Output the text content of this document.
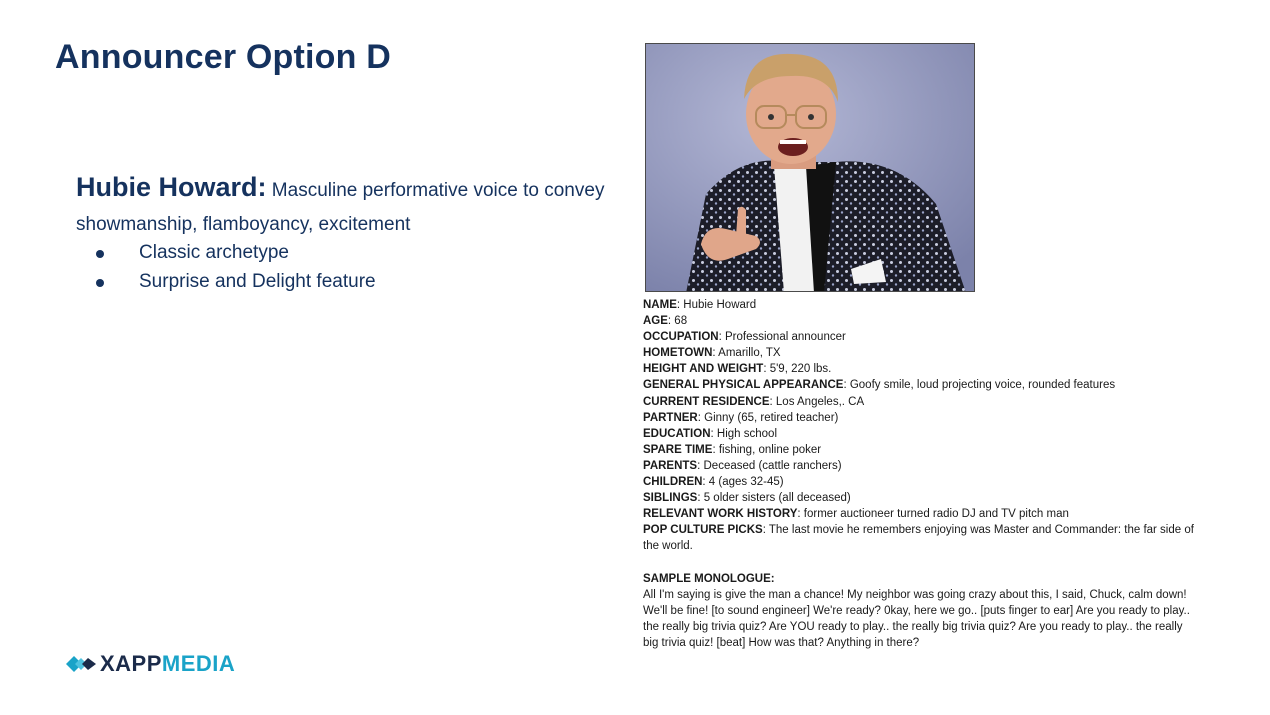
Announcer Option D
Hubie Howard: Masculine performative voice to convey showmanship, flamboyancy, excitement
Classic archetype
Surprise and Delight feature
NAME: Hubie Howard
AGE: 68
OCCUPATION: Professional announcer
HOMETOWN: Amarillo, TX
HEIGHT AND WEIGHT: 5'9, 220 lbs.
GENERAL PHYSICAL APPEARANCE: Goofy smile, loud projecting voice, rounded features
CURRENT RESIDENCE: Los Angeles,. CA
PARTNER: Ginny (65, retired teacher)
EDUCATION: High school
SPARE TIME: fishing, online poker
PARENTS: Deceased (cattle ranchers)
CHILDREN: 4 (ages 32-45)
SIBLINGS: 5 older sisters (all deceased)
RELEVANT WORK HISTORY: former auctioneer turned radio DJ and TV pitch man
POP CULTURE PICKS: The last movie he remembers enjoying was Master and Commander: the far side of the world.
SAMPLE MONOLOGUE:
All I'm saying is give the man a chance! My neighbor was going crazy about this, I said, Chuck, calm down! We'll be fine! [to sound engineer] We're ready? 0kay, here we go.. [puts finger to ear] Are you ready to play.. the really big trivia quiz? Are YOU ready to play.. the really big trivia quiz? Are you ready to play.. the really big trivia quiz! [beat] How was that? Anything in there?
XAPP MEDIA
